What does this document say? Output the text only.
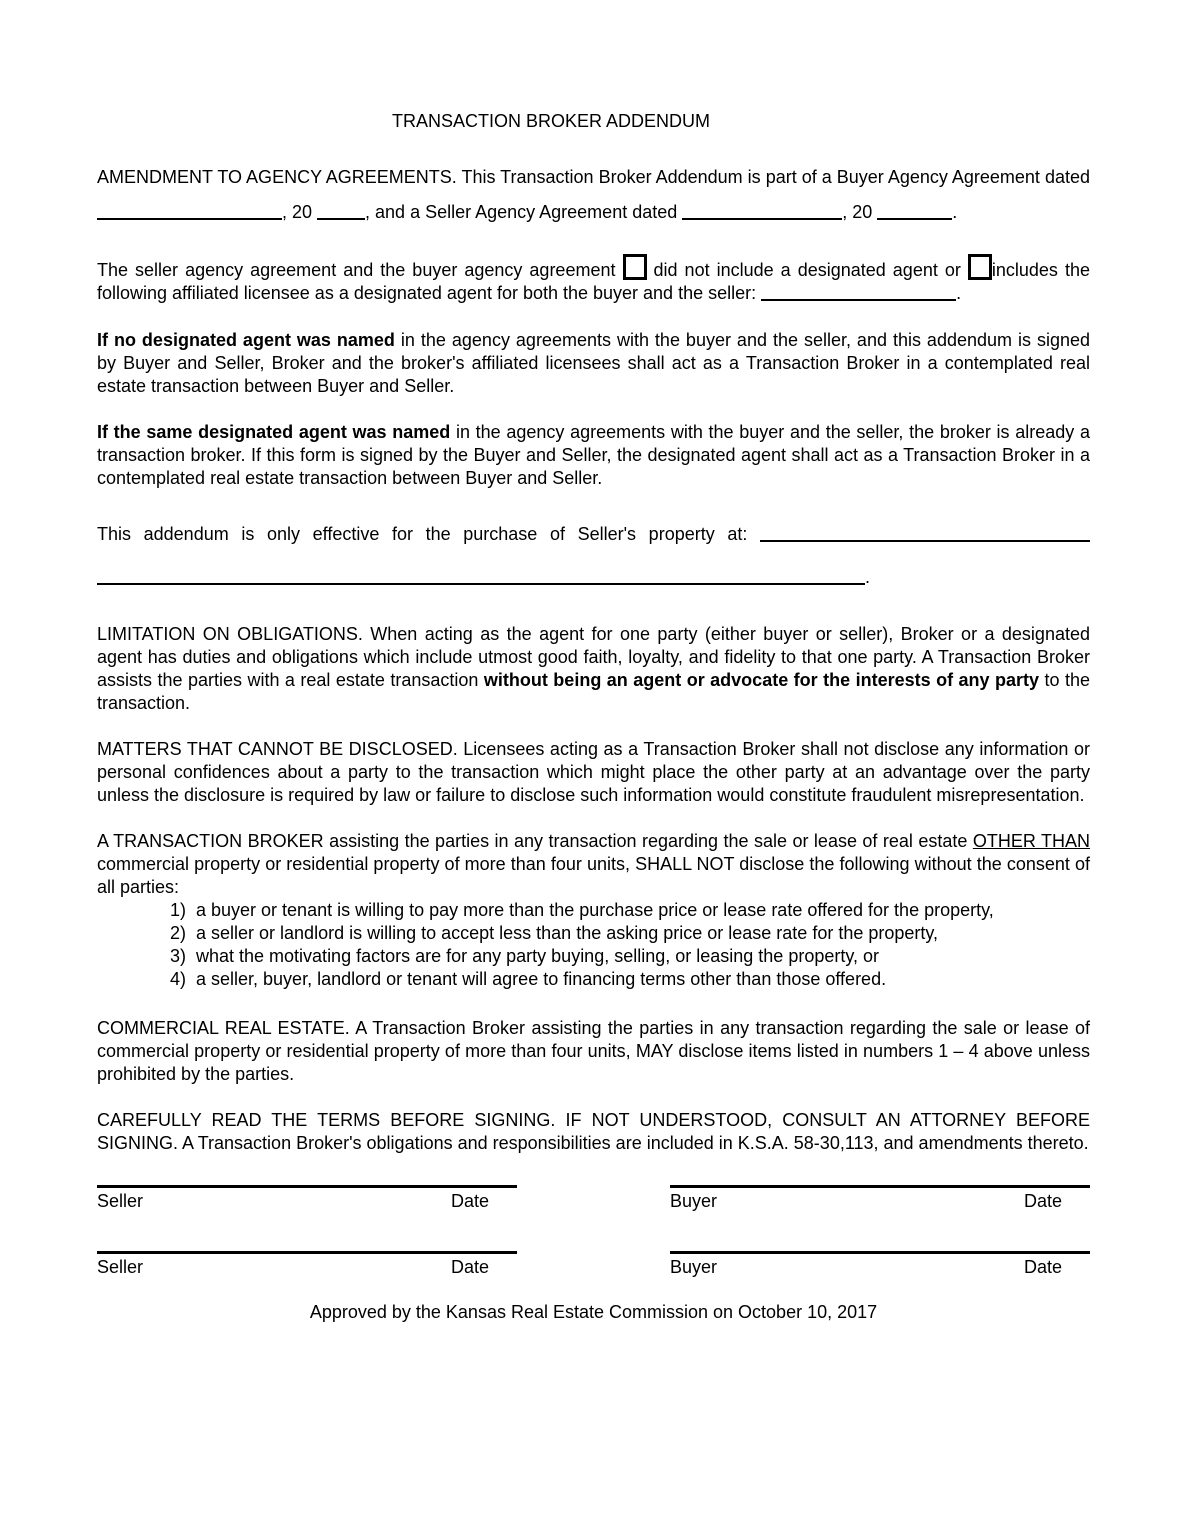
TRANSACTION BROKER ADDENDUM

AMENDMENT TO AGENCY AGREEMENTS. This Transaction Broker Addendum is part of a Buyer Agency Agreement dated , 20	, and a Seller Agency Agreement dated	, 20	.

The seller agency agreement and the buyer agency agreement  did not include a designated agent or includes the following affiliated licensee as a designated agent for both the buyer and the seller:	.

If no designated agent was named in the agency agreements with the buyer and the seller, and this addendum is signed by Buyer and Seller, Broker and the broker's affiliated licensees shall act as a Transaction Broker in a contemplated real estate transaction between Buyer and Seller.

If the same designated agent was named in the agency agreements with the buyer and the seller, the broker is already a transaction broker. If this form is signed by the Buyer and Seller, the designated agent shall act as a Transaction Broker in a contemplated real estate transaction between Buyer and Seller.

This addendum is only effective for the purchase of Seller's property at: .

LIMITATION ON OBLIGATIONS. When acting as the agent for one party (either buyer or seller), Broker or a designated agent has duties and obligations which include utmost good faith, loyalty, and fidelity to that one party. A Transaction Broker assists the parties with a real estate transaction without being an agent or advocate for the interests of any party to the transaction.

MATTERS THAT CANNOT BE DISCLOSED. Licensees acting as a Transaction Broker shall not disclose any information or personal confidences about a party to the transaction which might place the other party at an advantage over the party unless the disclosure is required by law or failure to disclose such information would constitute fraudulent misrepresentation.

A TRANSACTION BROKER assisting the parties in any transaction regarding the sale or lease of real estate OTHER THAN commercial property or residential property of more than four units, SHALL NOT disclose the following without the consent of all parties:

1) a buyer or tenant is willing to pay more than the purchase price or lease rate offered for the property,
2) a seller or landlord is willing to accept less than the asking price or lease rate for the property,
3) what the motivating factors are for any party buying, selling, or leasing the property, or
4) a seller, buyer, landlord or tenant will agree to financing terms other than those offered.

COMMERCIAL REAL ESTATE. A Transaction Broker assisting the parties in any transaction regarding the sale or lease of commercial property or residential property of more than four units, MAY disclose items listed in numbers 1 – 4 above unless prohibited by the parties.

CAREFULLY READ THE TERMS BEFORE SIGNING. IF NOT UNDERSTOOD, CONSULT AN ATTORNEY BEFORE SIGNING. A Transaction Broker's obligations and responsibilities are included in K.S.A. 58-30,113, and amendments thereto.

Seller	Date	Buyer	Date
Seller	Date	Buyer	Date
Approved by the Kansas Real Estate Commission on October 10, 2017
